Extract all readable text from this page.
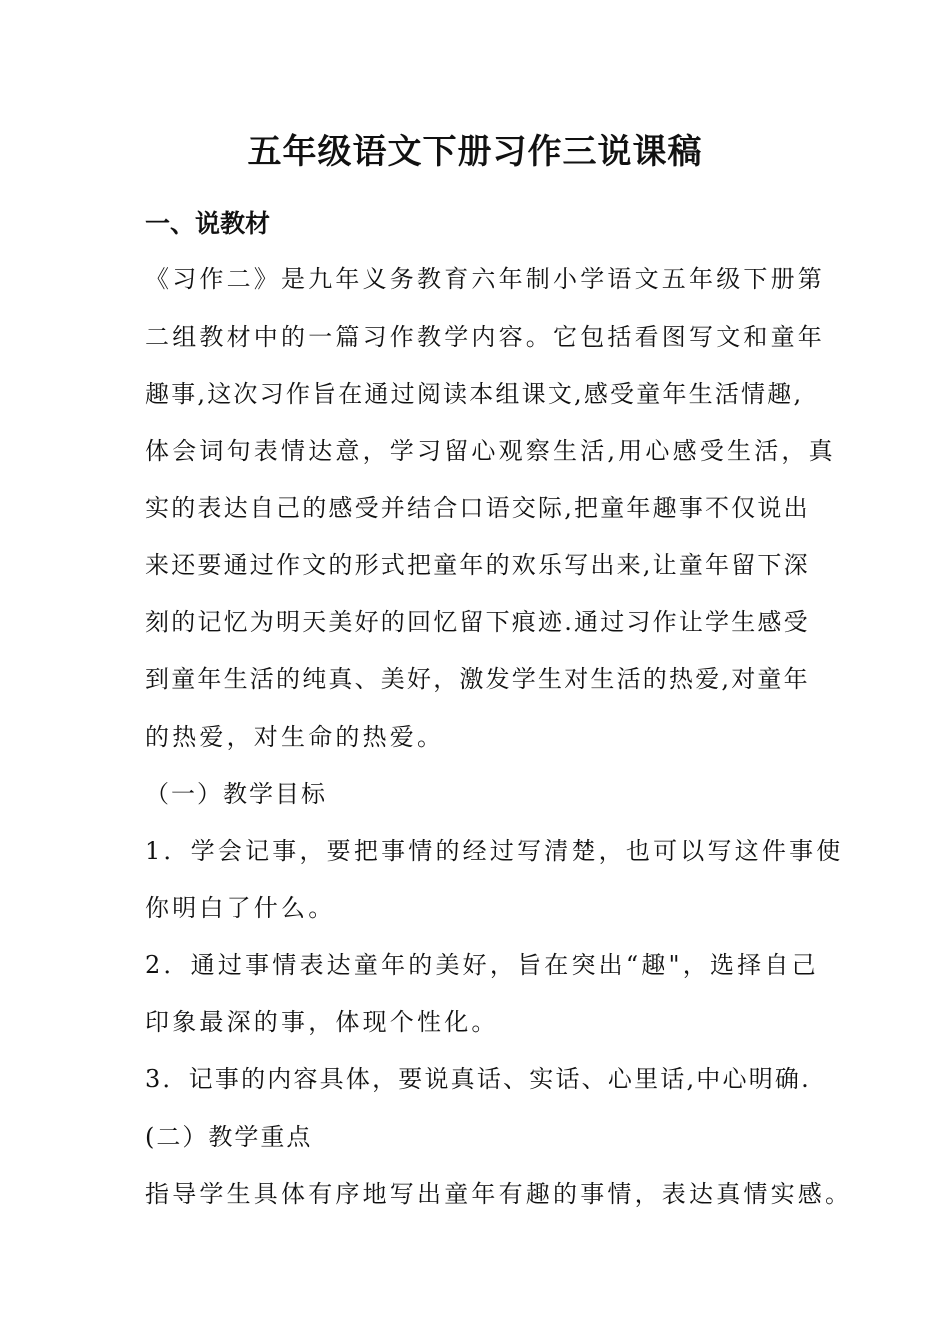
五年级语文下册习作三说课稿
一、说教材
《习作二》是九年义务教育六年制小学语文五年级下册第
二组教材中的一篇习作教学内容。它包括看图写文和童年
趣事,这次习作旨在通过阅读本组课文,感受童年生活情趣,
体会词句表情达意，学习留心观察生活,用心感受生活，真
实的表达自己的感受并结合口语交际,把童年趣事不仅说出
来还要通过作文的形式把童年的欢乐写出来,让童年留下深
刻的记忆为明天美好的回忆留下痕迹.通过习作让学生感受
到童年生活的纯真、美好，激发学生对生活的热爱,对童年
的热爱，对生命的热爱。
（一）教学目标
1．学会记事，要把事情的经过写清楚，也可以写这件事使
你明白了什么。
2．通过事情表达童年的美好，旨在突出“趣"，选择自己
印象最深的事，体现个性化。
3．记事的内容具体，要说真话、实话、心里话,中心明确.
(二）教学重点
指导学生具体有序地写出童年有趣的事情，表达真情实感。
